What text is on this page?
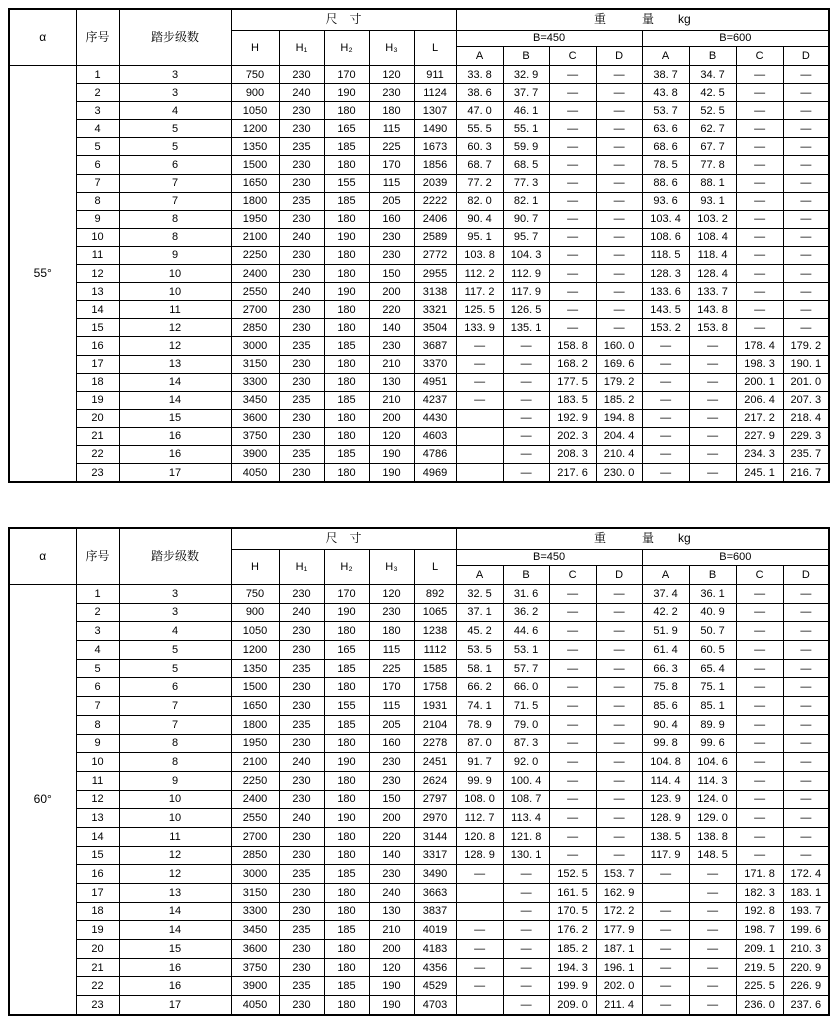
α	序号	踏步级数	尺　寸					重　　　量　　kg							
			H	H₁	H₂	H₃	L	B=450				B=600			
								A	B	C	D	A	B	C	D
55°	1	3	750	230	170	120	911	33. 8	32. 9	—	—	38. 7	34. 7	—	—
	2	3	900	240	190	230	1124	38. 6	37. 7	—	—	43. 8	42. 5	—	—
	3	4	1050	230	180	180	1307	47. 0	46. 1	—	—	53. 7	52. 5	—	—
	4	5	1200	230	165	115	1490	55. 5	55. 1	—	—	63. 6	62. 7	—	—
	5	5	1350	235	185	225	1673	60. 3	59. 9	—	—	68. 6	67. 7	—	—
	6	6	1500	230	180	170	1856	68. 7	68. 5	—	—	78. 5	77. 8	—	—
	7	7	1650	230	155	115	2039	77. 2	77. 3	—	—	88. 6	88. 1	—	—
	8	7	1800	235	185	205	2222	82. 0	82. 1	—	—	93. 6	93. 1	—	—
	9	8	1950	230	180	160	2406	90. 4	90. 7	—	—	103. 4	103. 2	—	—
	10	8	2100	240	190	230	2589	95. 1	95. 7	—	—	108. 6	108. 4	—	—
	11	9	2250	230	180	230	2772	103. 8	104. 3	—	—	118. 5	118. 4	—	—
	12	10	2400	230	180	150	2955	112. 2	112. 9	—	—	128. 3	128. 4	—	—
	13	10	2550	240	190	200	3138	117. 2	117. 9	—	—	133. 6	133. 7	—	—
	14	11	2700	230	180	220	3321	125. 5	126. 5	—	—	143. 5	143. 8	—	—
	15	12	2850	230	180	140	3504	133. 9	135. 1	—	—	153. 2	153. 8	—	—
	16	12	3000	235	185	230	3687	—	—	158. 8	160. 0	—	—	178. 4	179. 2
	17	13	3150	230	180	210	3370	—	—	168. 2	169. 6	—	—	198. 3	190. 1
	18	14	3300	230	180	130	4951	—	—	177. 5	179. 2	—	—	200. 1	201. 0
	19	14	3450	235	185	210	4237	—	—	183. 5	185. 2	—	—	206. 4	207. 3
	20	15	3600	230	180	200	4430		—	192. 9	194. 8	—	—	217. 2	218. 4
	21	16	3750	230	180	120	4603		—	202. 3	204. 4	—	—	227. 9	229. 3
	22	16	3900	235	185	190	4786		—	208. 3	210. 4	—	—	234. 3	235. 7
	23	17	4050	230	180	190	4969		—	217. 6	230. 0	—	—	245. 1	216. 7
α	序号	踏步级数	尺　寸					重　　　量　　kg							
			H	H₁	H₂	H₃	L	B=450				B=600			
								A	B	C	D	A	B	C	D
60°	1	3	750	230	170	120	892	32. 5	31. 6	—	—	37. 4	36. 1	—	—
	2	3	900	240	190	230	1065	37. 1	36. 2	—	—	42. 2	40. 9	—	—
	3	4	1050	230	180	180	1238	45. 2	44. 6	—	—	51. 9	50. 7	—	—
	4	5	1200	230	165	115	1112	53. 5	53. 1	—	—	61. 4	60. 5	—	—
	5	5	1350	235	185	225	1585	58. 1	57. 7	—	—	66. 3	65. 4	—	—
	6	6	1500	230	180	170	1758	66. 2	66. 0	—	—	75. 8	75. 1	—	—
	7	7	1650	230	155	115	1931	74. 1	71. 5	—	—	85. 6	85. 1	—	—
	8	7	1800	235	185	205	2104	78. 9	79. 0	—	—	90. 4	89. 9	—	—
	9	8	1950	230	180	160	2278	87. 0	87. 3	—	—	99. 8	99. 6	—	—
	10	8	2100	240	190	230	2451	91. 7	92. 0	—	—	104. 8	104. 6	—	—
	11	9	2250	230	180	230	2624	99. 9	100. 4	—	—	114. 4	114. 3	—	—
	12	10	2400	230	180	150	2797	108. 0	108. 7	—	—	123. 9	124. 0	—	—
	13	10	2550	240	190	200	2970	112. 7	113. 4	—	—	128. 9	129. 0	—	—
	14	11	2700	230	180	220	3144	120. 8	121. 8	—	—	138. 5	138. 8	—	—
	15	12	2850	230	180	140	3317	128. 9	130. 1	—	—	117. 9	148. 5	—	—
	16	12	3000	235	185	230	3490	—	—	152. 5	153. 7	—	—	171. 8	172. 4
	17	13	3150	230	180	240	3663		—	161. 5	162. 9		—	182. 3	183. 1
	18	14	3300	230	180	130	3837		—	170. 5	172. 2	—	—	192. 8	193. 7
	19	14	3450	235	185	210	4019	—	—	176. 2	177. 9	—	—	198. 7	199. 6
	20	15	3600	230	180	200	4183	—	—	185. 2	187. 1	—	—	209. 1	210. 3
	21	16	3750	230	180	120	4356	—	—	194. 3	196. 1	—	—	219. 5	220. 9
	22	16	3900	235	185	190	4529	—	—	199. 9	202. 0	—	—	225. 5	226. 9
	23	17	4050	230	180	190	4703		—	209. 0	211. 4	—	—	236. 0	237. 6
